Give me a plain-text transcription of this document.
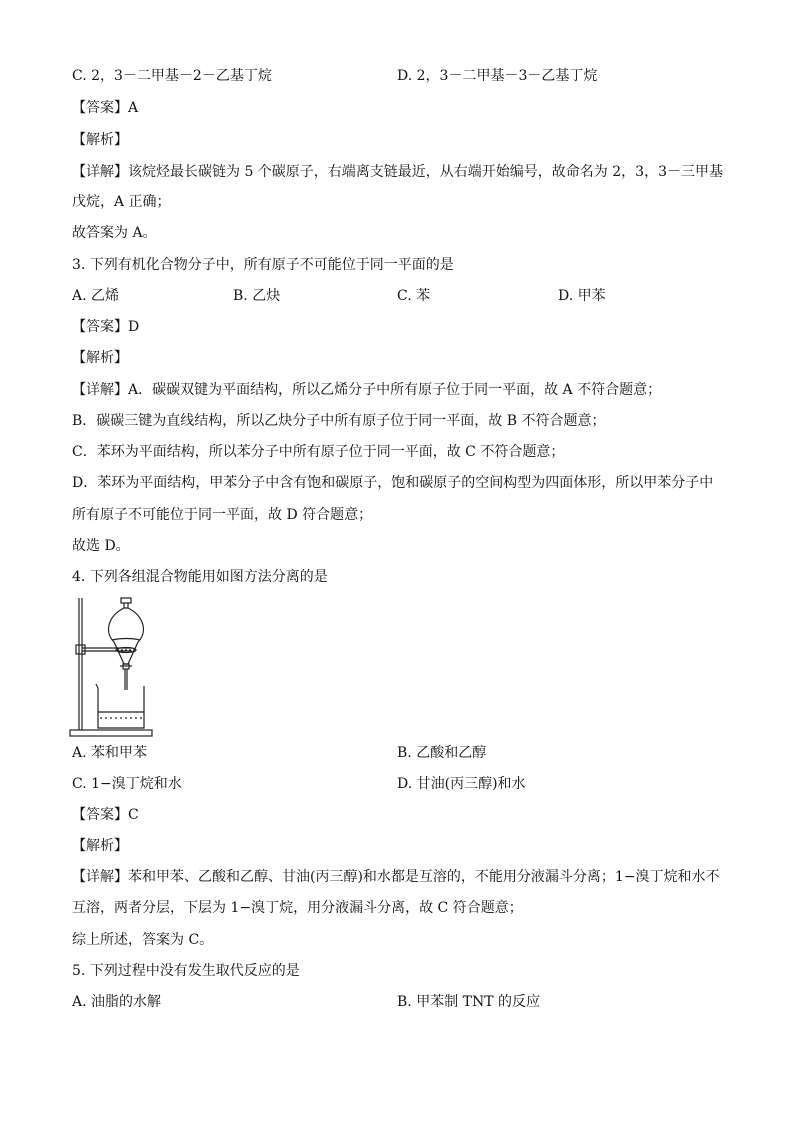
C. 2，3－二甲基－2－乙基丁烷	D. 2，3－二甲基－3－乙基丁烷
【答案】A
【解析】
【详解】该烷烃最长碳链为 5 个碳原子，右端离支链最近，从右端开始编号，故命名为 2，3，3－三甲基
戊烷，A 正确；
故答案为 A。
3. 下列有机化合物分子中，所有原子不可能位于同一平面的是
A. 乙烯	B. 乙炔	C. 苯	D. 甲苯
【答案】D
【解析】
【详解】A．碳碳双键为平面结构，所以乙烯分子中所有原子位于同一平面，故 A 不符合题意；
B．碳碳三键为直线结构，所以乙炔分子中所有原子位于同一平面，故 B 不符合题意；
C．苯环为平面结构，所以苯分子中所有原子位于同一平面，故 C 不符合题意；
D．苯环为平面结构，甲苯分子中含有饱和碳原子，饱和碳原子的空间构型为四面体形，所以甲苯分子中
所有原子不可能位于同一平面，故 D 符合题意；
故选 D。
4. 下列各组混合物能用如图方法分离的是
A. 苯和甲苯	B. 乙酸和乙醇
C. 1−溴丁烷和水	D. 甘油(丙三醇)和水
【答案】C
【解析】
【详解】苯和甲苯、乙酸和乙醇、甘油(丙三醇)和水都是互溶的，不能用分液漏斗分离；1−溴丁烷和水不
互溶，两者分层，下层为 1−溴丁烷，用分液漏斗分离，故 C 符合题意；
综上所述，答案为 C。
5. 下列过程中没有发生取代反应的是
A. 油脂的水解	B. 甲苯制 TNT 的反应
